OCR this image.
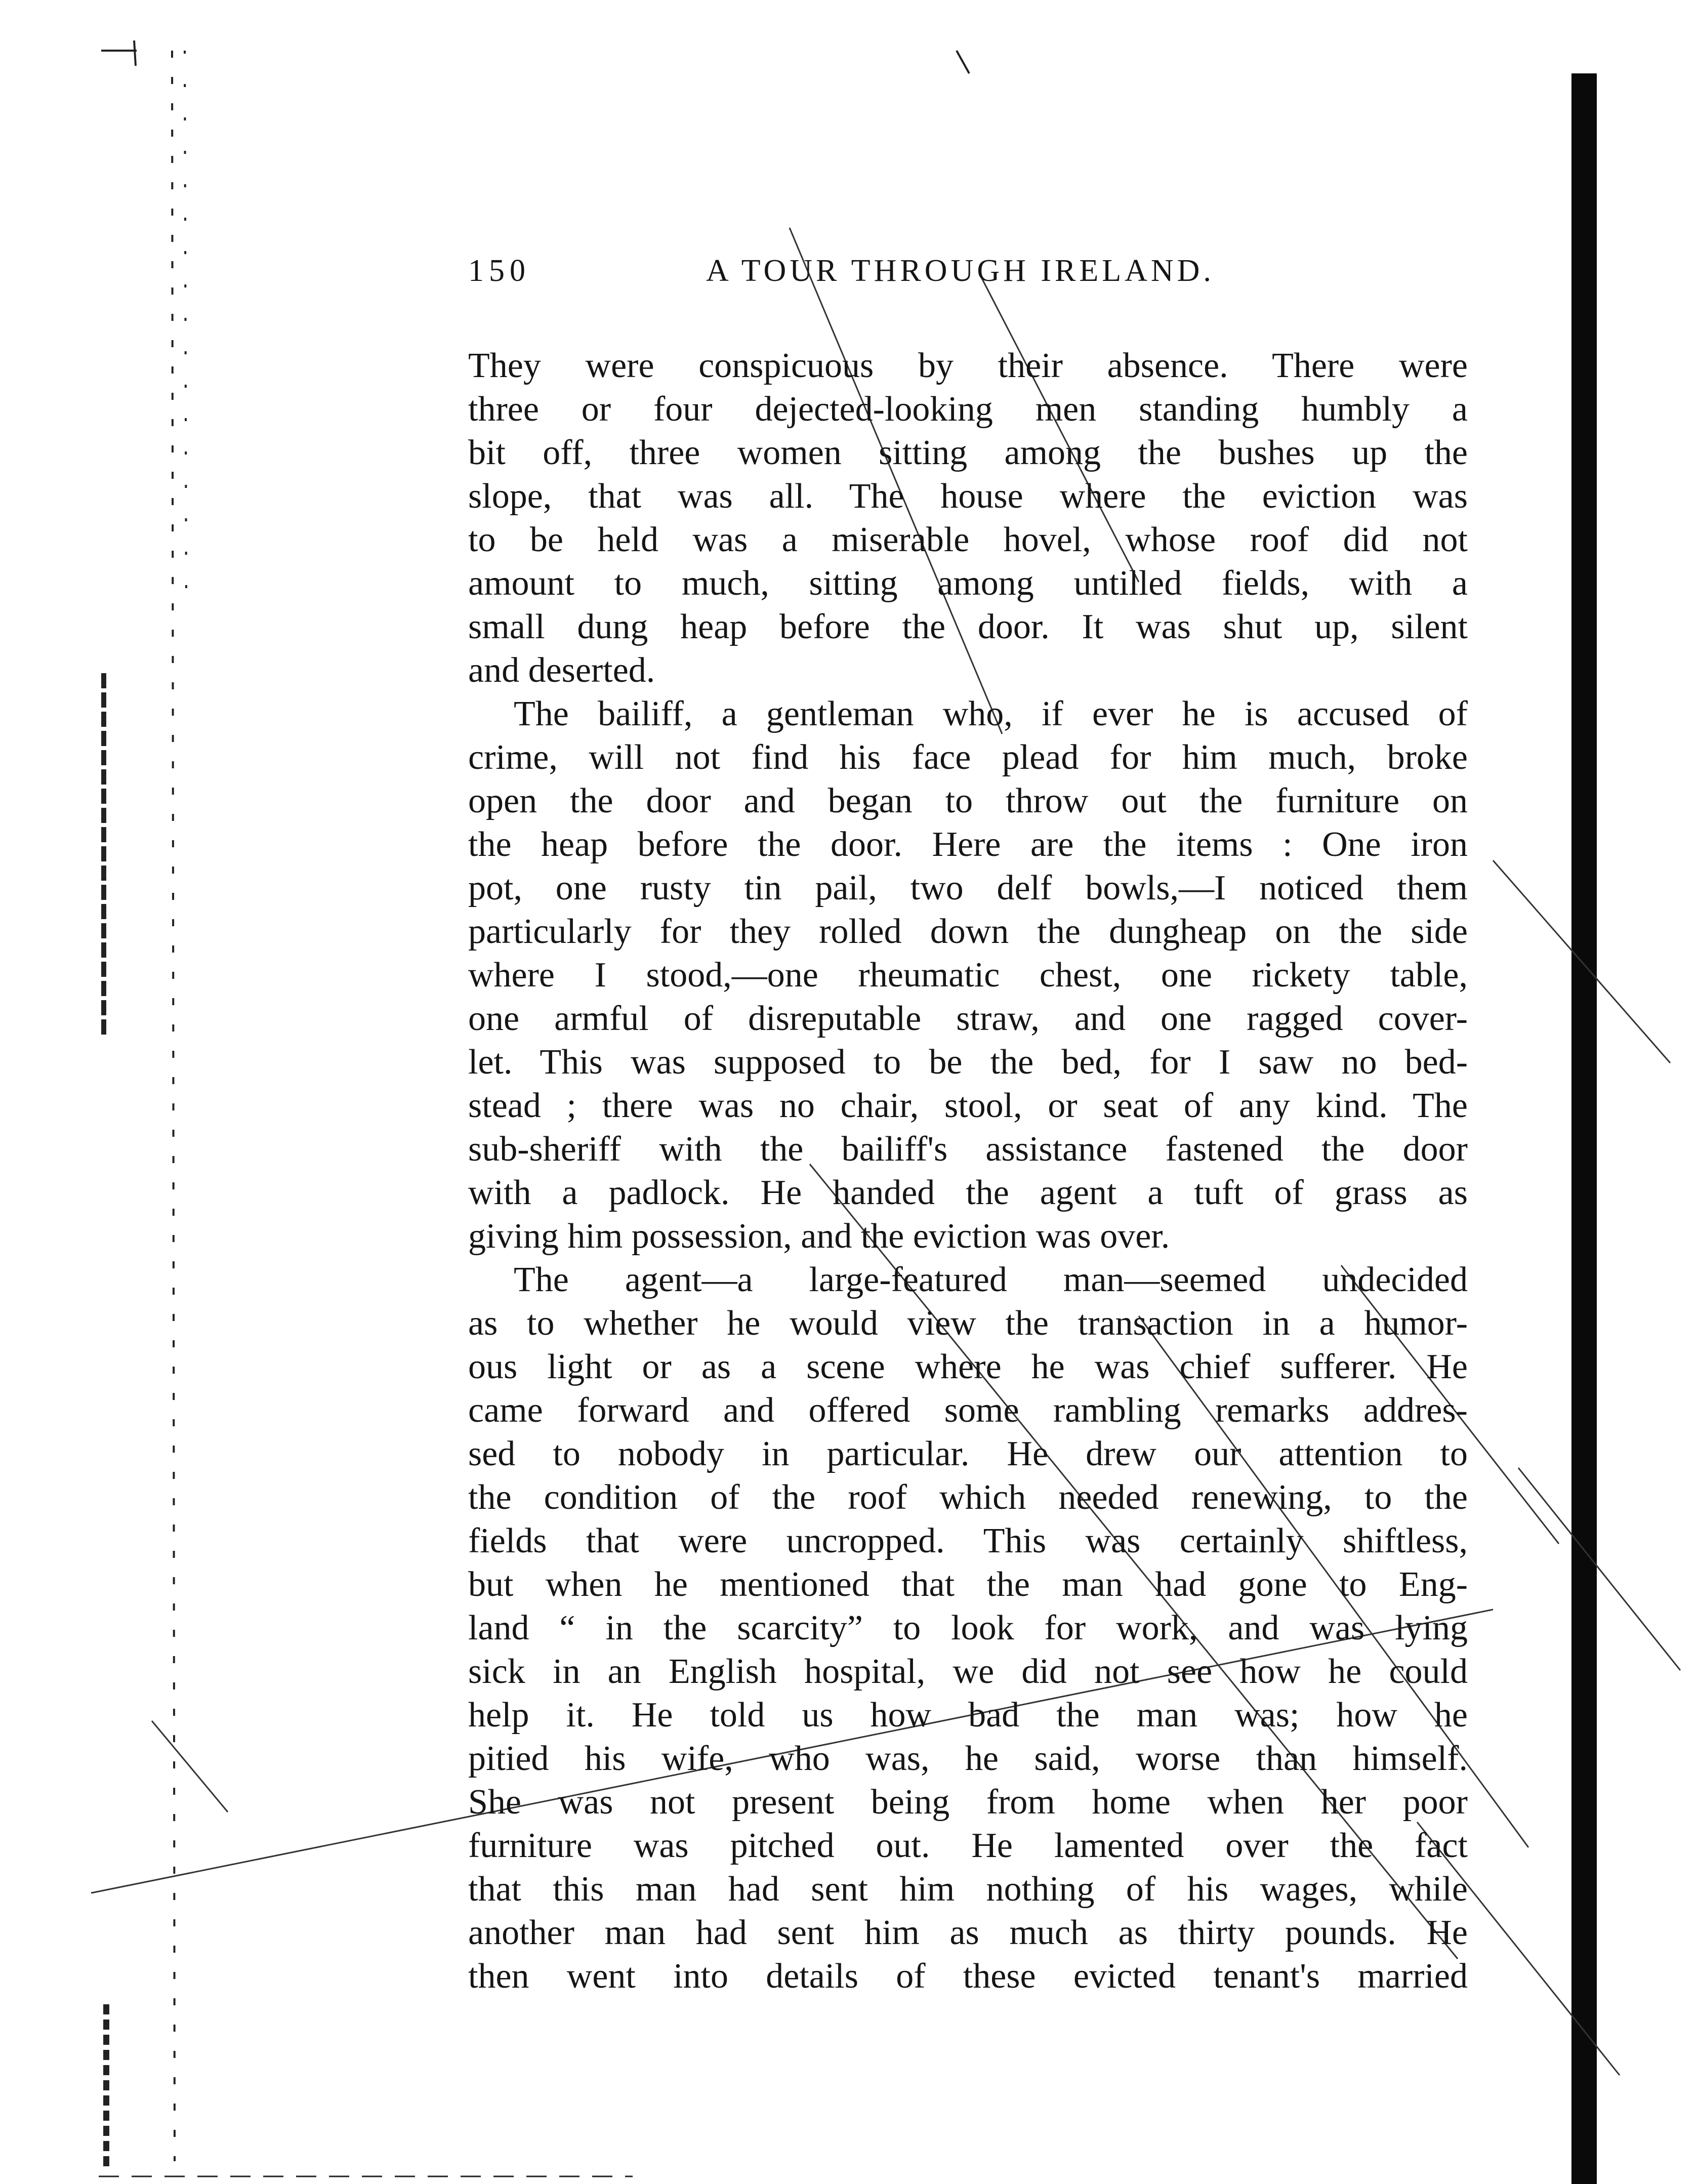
150	A TOUR THROUGH IRELAND.
They were conspicuous by their absence. There were
three or four dejected-looking men standing humbly a
bit off, three women sitting among the bushes up the
slope, that was all. The house where the eviction was
to be held was a miserable hovel, whose roof did not
amount to much, sitting among untilled fields, with a
small dung heap before the door. It was shut up, silent
and deserted.
The bailiff, a gentleman who, if ever he is accused of
crime, will not find his face plead for him much, broke
open the door and began to throw out the furniture on
the heap before the door. Here are the items : One iron
pot, one rusty tin pail, two delf bowls,—I noticed them
particularly for they rolled down the dungheap on the side
where I stood,—one rheumatic chest, one rickety table,
one armful of disreputable straw, and one ragged cover-
let. This was supposed to be the bed, for I saw no bed-
stead ; there was no chair, stool, or seat of any kind. The
sub-sheriff with the bailiff's assistance fastened the door
with a padlock. He handed the agent a tuft of grass as
giving him possession, and the eviction was over.
The agent—a large-featured man—seemed undecided
as to whether he would view the transaction in a humor-
ous light or as a scene where he was chief sufferer. He
came forward and offered some rambling remarks addres-
sed to nobody in particular. He drew our attention to
the condition of the roof which needed renewing, to the
fields that were uncropped. This was certainly shiftless,
but when he mentioned that the man had gone to Eng-
land “ in the scarcity” to look for work, and was lying
sick in an English hospital, we did not see how he could
help it. He told us how bad the man was; how he
pitied his wife, who was, he said, worse than himself.
She was not present being from home when her poor
furniture was pitched out. He lamented over the fact
that this man had sent him nothing of his wages, while
another man had sent him as much as thirty pounds. He
then went into details of these evicted tenant's married
